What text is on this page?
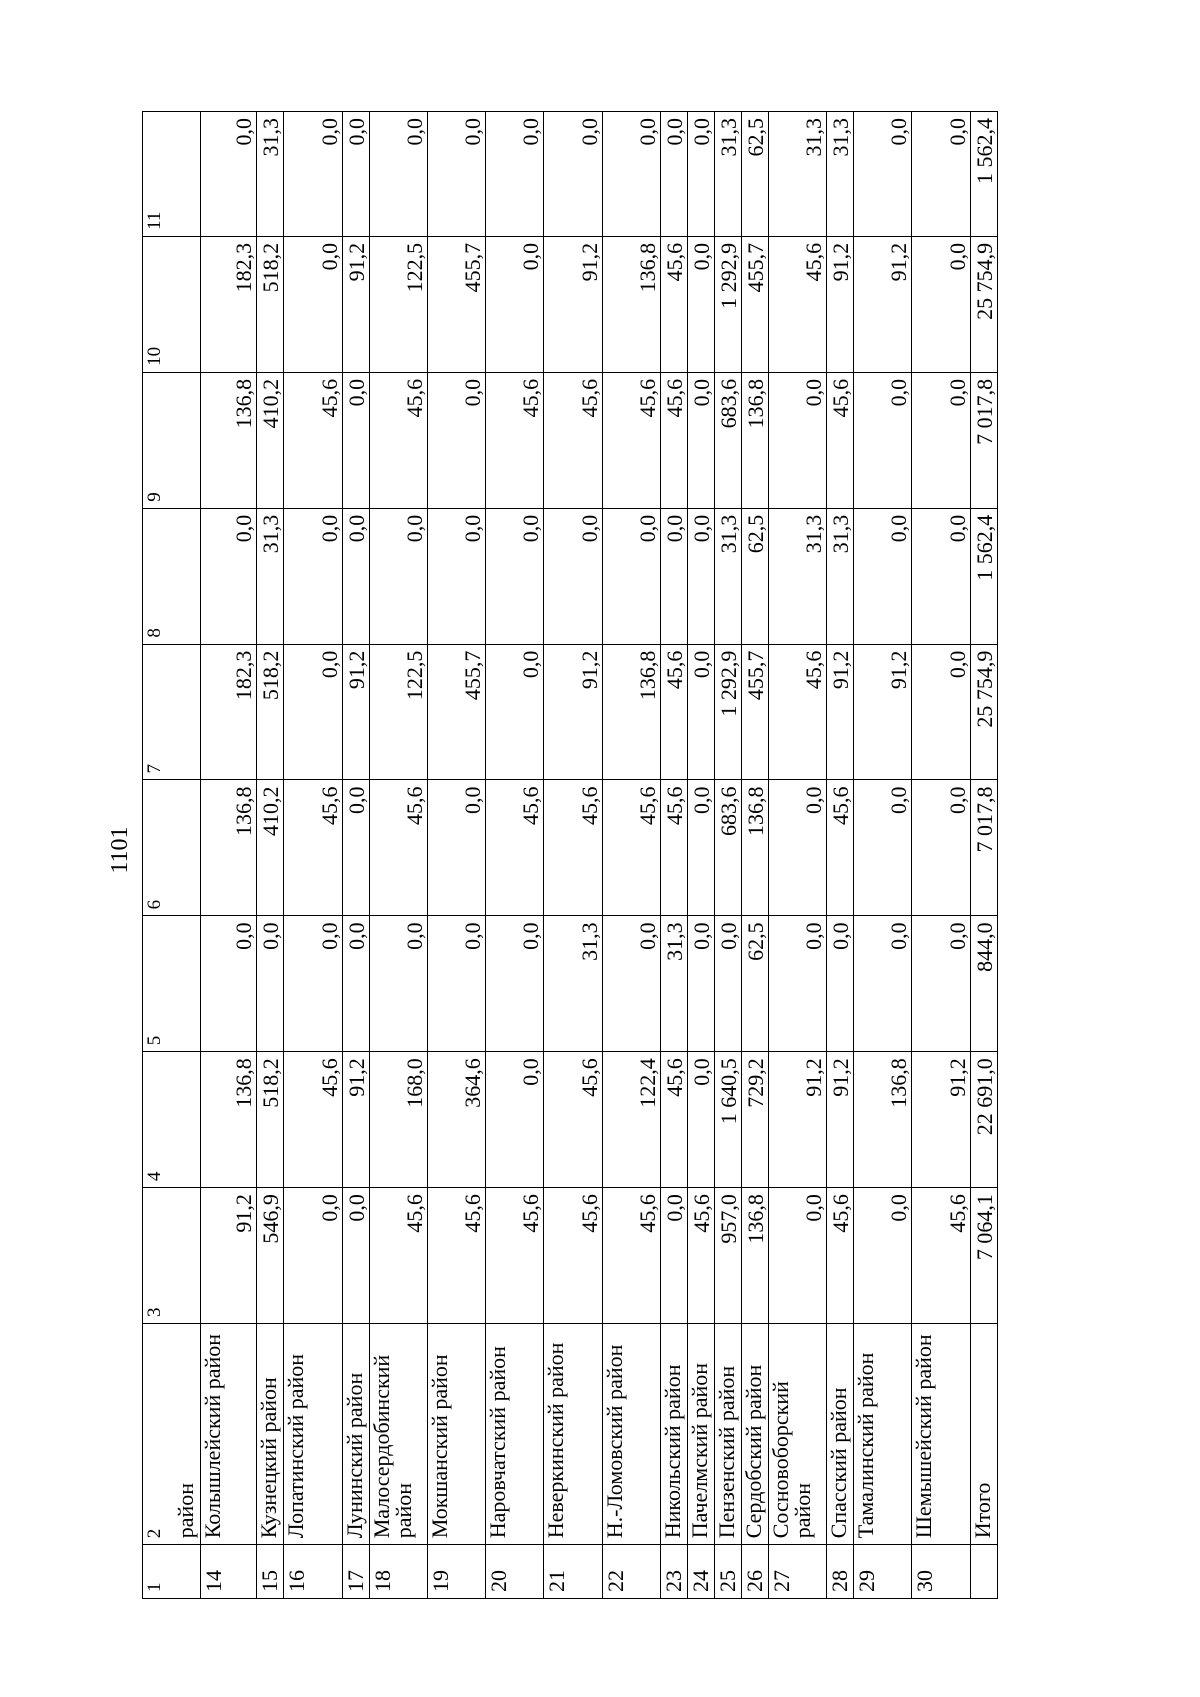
1101
1	2	3	4	5	6	7	8	9	10	11
	район									
14	Колышлейский район	91,2	136,8	0,0	136,8	182,3	0,0	136,8	182,3	0,0
15	Кузнецкий район	546,9	518,2	0,0	410,2	518,2	31,3	410,2	518,2	31,3
16	Лопатинский район	0,0	45,6	0,0	45,6	0,0	0,0	45,6	0,0	0,0
17	Лунинский район	0,0	91,2	0,0	0,0	91,2	0,0	0,0	91,2	0,0
18	Малосердобинский район	45,6	168,0	0,0	45,6	122,5	0,0	45,6	122,5	0,0
19	Мокшанский район	45,6	364,6	0,0	0,0	455,7	0,0	0,0	455,7	0,0
20	Наровчатский район	45,6	0,0	0,0	45,6	0,0	0,0	45,6	0,0	0,0
21	Неверкинский район	45,6	45,6	31,3	45,6	91,2	0,0	45,6	91,2	0,0
22	Н.-Ломовский район	45,6	122,4	0,0	45,6	136,8	0,0	45,6	136,8	0,0
23	Никольский район	0,0	45,6	31,3	45,6	45,6	0,0	45,6	45,6	0,0
24	Пачелмский район	45,6	0,0	0,0	0,0	0,0	0,0	0,0	0,0	0,0
25	Пензенский район	957,0	1 640,5	0,0	683,6	1 292,9	31,3	683,6	1 292,9	31,3
26	Сердобский район	136,8	729,2	62,5	136,8	455,7	62,5	136,8	455,7	62,5
27	Сосновоборский район	0,0	91,2	0,0	0,0	45,6	31,3	0,0	45,6	31,3
28	Спасский район	45,6	91,2	0,0	45,6	91,2	31,3	45,6	91,2	31,3
29	Тамалинский район	0,0	136,8	0,0	0,0	91,2	0,0	0,0	91,2	0,0
30	Шемышейский район	45,6	91,2	0,0	0,0	0,0	0,0	0,0	0,0	0,0
	Итого	7 064,1	22 691,0	844,0	7 017,8	25 754,9	1 562,4	7 017,8	25 754,9	1 562,4
